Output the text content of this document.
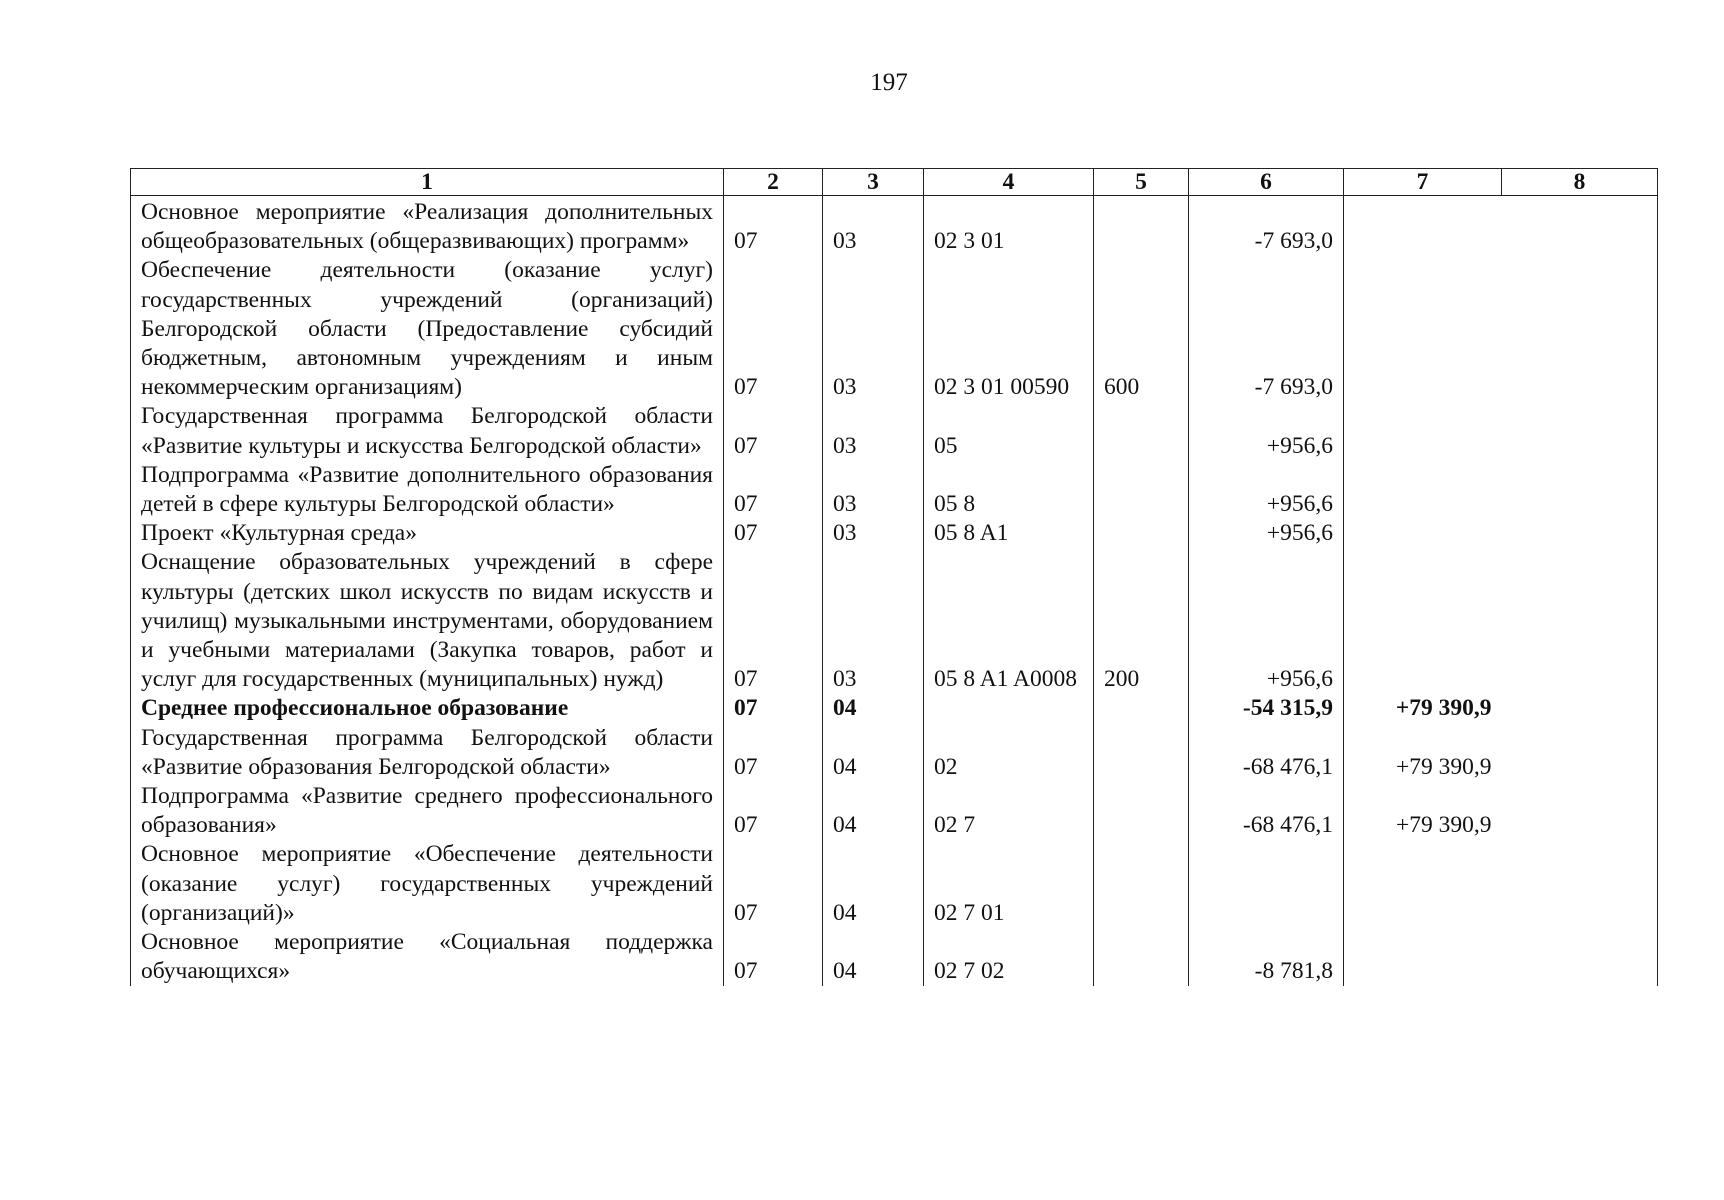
197
1	2	3	4	5	6	7	8
Основное мероприятие «Реализация дополнительных общеобразовательных (общеразвивающих) программ»	07	03	02 3 01		-7 693,0		
Обеспечение деятельности (оказание услуг) государственных учреждений (организаций) Белгородской области (Предоставление субсидий бюджетным, автономным учреждениям и иным некоммерческим организациям)	07	03	02 3 01 00590	600	-7 693,0		
Государственная программа Белгородской области «Развитие культуры и искусства Белгородской области»	07	03	05		+956,6		
Подпрограмма «Развитие дополнительного образования детей в сфере культуры Белгородской области»	07	03	05 8		+956,6		
Проект «Культурная среда»	07	03	05 8 A1		+956,6		
Оснащение образовательных учреждений в сфере культуры (детских школ искусств по видам искусств и училищ) музыкальными инструментами, оборудованием и учебными материалами (Закупка товаров, работ и услуг для государственных (муниципальных) нужд)	07	03	05 8 A1 A0008	200	+956,6		
Среднее профессиональное образование	07	04			-54 315,9	+79 390,9	
Государственная программа Белгородской области «Развитие образования Белгородской области»	07	04	02		-68 476,1	+79 390,9	
Подпрограмма «Развитие среднего профессионального образования»	07	04	02 7		-68 476,1	+79 390,9	
Основное мероприятие «Обеспечение деятельности (оказание услуг) государственных учреждений (организаций)»	07	04	02 7 01				
Основное мероприятие «Социальная поддержка обучающихся»	07	04	02 7 02		-8 781,8		
